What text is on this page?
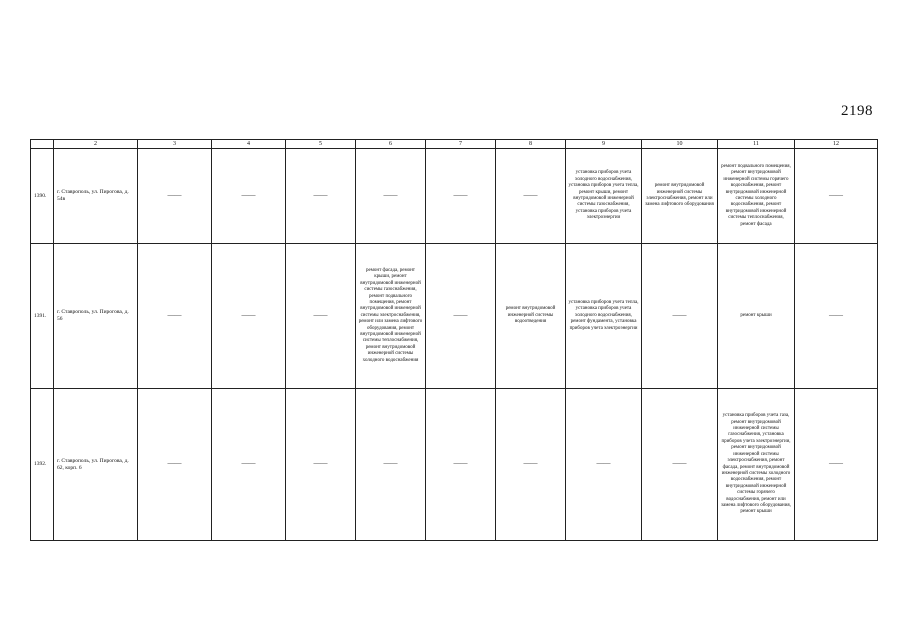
2198
	2	3	4	5	6	7	8	9	10	11	12
1390.	г. Ставрополь, ул. Пирогова, д. 54в	——	——	——	——	——	——	установка приборов учета холодного водоснабжения, установка приборов учета тепла, ремонт крыши, ремонт внутридомовой инженерной системы газоснабжения, установка приборов учета электроэнергии	ремонт внутридомовой инженерной системы электроснабжения, ремонт или замена лифтового оборудования	ремонт подвального помещения, ремонт внутридомовой инженерной системы горячего водоснабжения, ремонт внутридомовой инженерной системы холодного водоснабжения, ремонт внутридомовой инженерной системы теплоснабжения, ремонт фасада	——
1391.	г. Ставрополь, ул. Пирогова, д. 56	——	——	——	ремонт фасада, ремонт крыши, ремонт внутридомовой инженерной системы газоснабжения, ремонт подвального помещения, ремонт внутридомовой инженерной системы электроснабжения, ремонт или замена лифтового оборудования, ремонт внутридомовой инженерной системы теплоснабжения, ремонт внутридомовой инженерной системы холодного водоснабжения	——	ремонт внутридомовой инженерной системы водоотведения	установка приборов учета тепла, установка приборов учета холодного водоснабжения, ремонт фундамента, установка приборов учета электроэнергии	——	ремонт крыши	——
1392.	г. Ставрополь, ул. Пирогова, д. 62, корп. 6	——	——	——	——	——	——	——	——	установка приборов учета газа, ремонт внутридомовой инженерной системы газоснабжения, установка приборов учета электроэнергии, ремонт внутридомовой инженерной системы электроснабжения, ремонт фасада, ремонт внутридомовой инженерной системы холодного водоснабжения, ремонт внутридомовой инженерной системы горячего водоснабжения, ремонт или замена лифтового оборудования, ремонт крыши	——
